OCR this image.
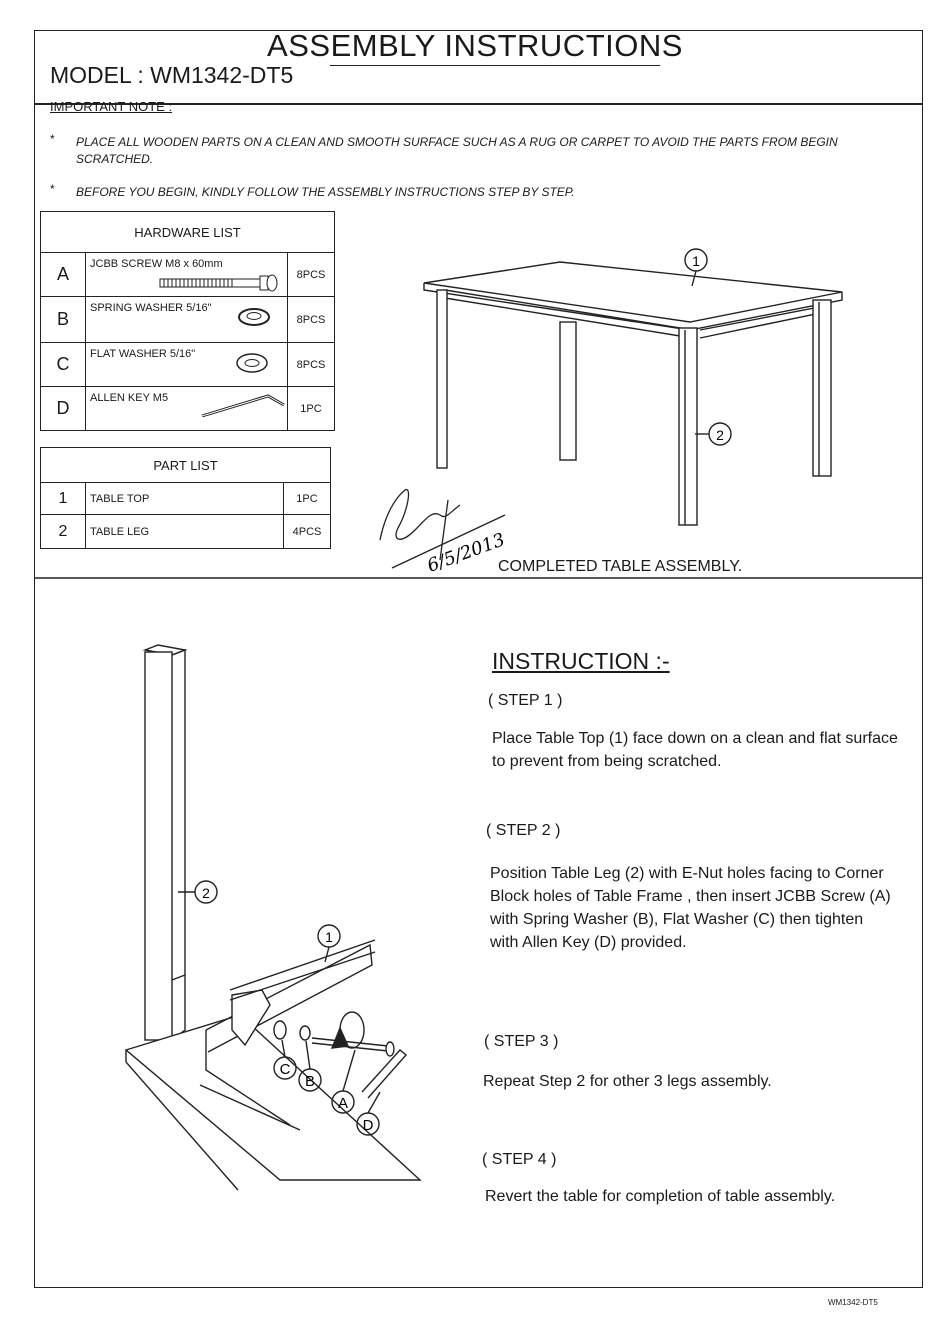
ASSEMBLY INSTRUCTIONS
MODEL : WM1342-DT5
IMPORTANT NOTE :
* PLACE ALL WOODEN PARTS ON A CLEAN AND SMOOTH SURFACE SUCH AS A RUG OR CARPET TO AVOID THE PARTS FROM BEGIN SCRATCHED.
* BEFORE YOU BEGIN, KINDLY FOLLOW THE ASSEMBLY INSTRUCTIONS STEP BY STEP.
HARDWARE LIST		
A	JCBB SCREW M8 x 60mm	8PCS
B	SPRING WASHER 5/16"	8PCS
C	FLAT WASHER 5/16"	8PCS
D	ALLEN KEY M5	1PC
PART LIST		
1	TABLE TOP	1PC
2	TABLE LEG	4PCS
1
2
6/5/2013
1
2
C
B
A
D
COMPLETED TABLE ASSEMBLY.
INSTRUCTION :-
( STEP 1 )
Place Table Top (1) face down on a clean and flat surface to prevent from being scratched.
( STEP 2 )
Position Table Leg (2) with E-Nut holes facing to Corner Block holes of Table Frame , then insert JCBB Screw (A) with Spring Washer (B), Flat Washer (C) then tighten with Allen Key (D) provided.
( STEP 3 )
Repeat Step 2 for other 3 legs assembly.
( STEP 4 )
Revert the table for completion of table assembly.
WM1342-DT5
